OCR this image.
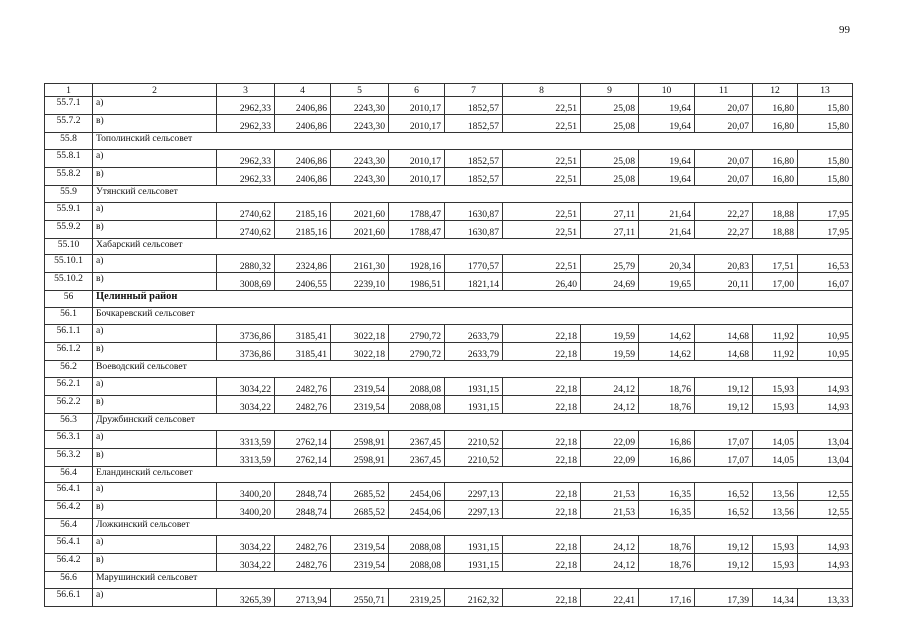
99
1	2	3	4	5	6	7	8	9	10	11	12	13
55.7.1	а)	2962,33	2406,86	2243,30	2010,17	1852,57	22,51	25,08	19,64	20,07	16,80	15,80
55.7.2	в)	2962,33	2406,86	2243,30	2010,17	1852,57	22,51	25,08	19,64	20,07	16,80	15,80
55.8	Тополинский сельсовет											
55.8.1	а)	2962,33	2406,86	2243,30	2010,17	1852,57	22,51	25,08	19,64	20,07	16,80	15,80
55.8.2	в)	2962,33	2406,86	2243,30	2010,17	1852,57	22,51	25,08	19,64	20,07	16,80	15,80
55.9	Утянский сельсовет											
55.9.1	а)	2740,62	2185,16	2021,60	1788,47	1630,87	22,51	27,11	21,64	22,27	18,88	17,95
55.9.2	в)	2740,62	2185,16	2021,60	1788,47	1630,87	22,51	27,11	21,64	22,27	18,88	17,95
55.10	Хабарский сельсовет											
55.10.1	а)	2880,32	2324,86	2161,30	1928,16	1770,57	22,51	25,79	20,34	20,83	17,51	16,53
55.10.2	в)	3008,69	2406,55	2239,10	1986,51	1821,14	26,40	24,69	19,65	20,11	17,00	16,07
56	Целинный район											
56.1	Бочкаревский сельсовет											
56.1.1	а)	3736,86	3185,41	3022,18	2790,72	2633,79	22,18	19,59	14,62	14,68	11,92	10,95
56.1.2	в)	3736,86	3185,41	3022,18	2790,72	2633,79	22,18	19,59	14,62	14,68	11,92	10,95
56.2	Воеводский сельсовет											
56.2.1	а)	3034,22	2482,76	2319,54	2088,08	1931,15	22,18	24,12	18,76	19,12	15,93	14,93
56.2.2	в)	3034,22	2482,76	2319,54	2088,08	1931,15	22,18	24,12	18,76	19,12	15,93	14,93
56.3	Дружбинский сельсовет											
56.3.1	а)	3313,59	2762,14	2598,91	2367,45	2210,52	22,18	22,09	16,86	17,07	14,05	13,04
56.3.2	в)	3313,59	2762,14	2598,91	2367,45	2210,52	22,18	22,09	16,86	17,07	14,05	13,04
56.4	Еландинский сельсовет											
56.4.1	а)	3400,20	2848,74	2685,52	2454,06	2297,13	22,18	21,53	16,35	16,52	13,56	12,55
56.4.2	в)	3400,20	2848,74	2685,52	2454,06	2297,13	22,18	21,53	16,35	16,52	13,56	12,55
56.4	Ложкинский сельсовет											
56.4.1	а)	3034,22	2482,76	2319,54	2088,08	1931,15	22,18	24,12	18,76	19,12	15,93	14,93
56.4.2	в)	3034,22	2482,76	2319,54	2088,08	1931,15	22,18	24,12	18,76	19,12	15,93	14,93
56.6	Марушинский сельсовет											
56.6.1	а)	3265,39	2713,94	2550,71	2319,25	2162,32	22,18	22,41	17,16	17,39	14,34	13,33
